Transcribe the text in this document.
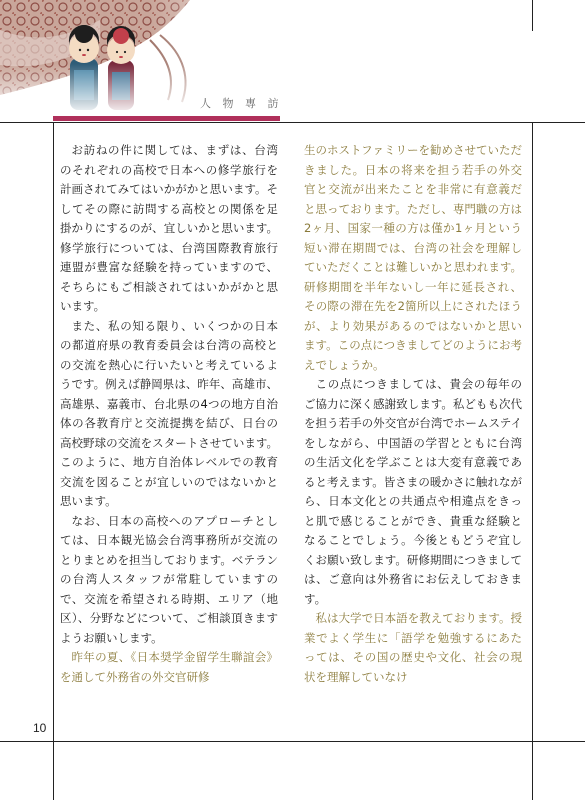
人 物 專 訪

お訪ねの件に関しては、まずは、台湾のそれぞれの高校で日本への修学旅行を計画されてみてはいかがかと思います。そしてその際に訪問する高校との関係を足掛かりにするのが、宜しいかと思います。修学旅行については、台湾国際教育旅行連盟が豊富な経験を持っていますので、そちらにもご相談されてはいかがかと思います。

また、私の知る限り、いくつかの日本の都道府県の教育委員会は台湾の高校との交流を熱心に行いたいと考えているようです。例えば静岡県は、昨年、高雄市、高雄県、嘉義市、台北県の4つの地方自治体の各教育庁と交流提携を結び、日台の高校野球の交流をスタートさせています。このように、地方自治体レベルでの教育交流を図ることが宜しいのではないかと思います。

なお、日本の高校へのアプローチとしては、日本観光協会台湾事務所が交流のとりまとめを担当しております。ベテランの台湾人スタッフが常駐していますので、交流を希望される時期、エリア（地区）、分野などについて、ご相談頂きますようお願いします。

昨年の夏、《日本奨学金留学生聯誼会》を通して外務省の外交官研修

生のホストファミリーを勧めさせていただきました。日本の将来を担う若手の外交官と交流が出来たことを非常に有意義だと思っております。ただし、専門職の方は2ヶ月、国家一種の方は僅か1ヶ月という短い滞在期間では、台湾の社会を理解していただくことは難しいかと思われます。研修期間を半年ないし一年に延長され、その際の滞在先を2箇所以上にされたほうが、より効果があるのではないかと思います。この点につきましてどのようにお考えでしょうか。

この点につきましては、貴会の毎年のご協力に深く感謝致します。私どもも次代を担う若手の外交官が台湾でホームステイをしながら、中国語の学習とともに台湾の生活文化を学ぶことは大変有意義であると考えます。皆さまの暖かさに触れながら、日本文化との共通点や相違点をきっと肌で感じることができ、貴重な経験となることでしょう。今後ともどうぞ宜しくお願い致します。研修期間につきましては、ご意向は外務省にお伝えしておきます。

私は大学で日本語を教えております。授業でよく学生に「語学を勉強するにあたっては、その国の歴史や文化、社会の現状を理解していなけ

10
